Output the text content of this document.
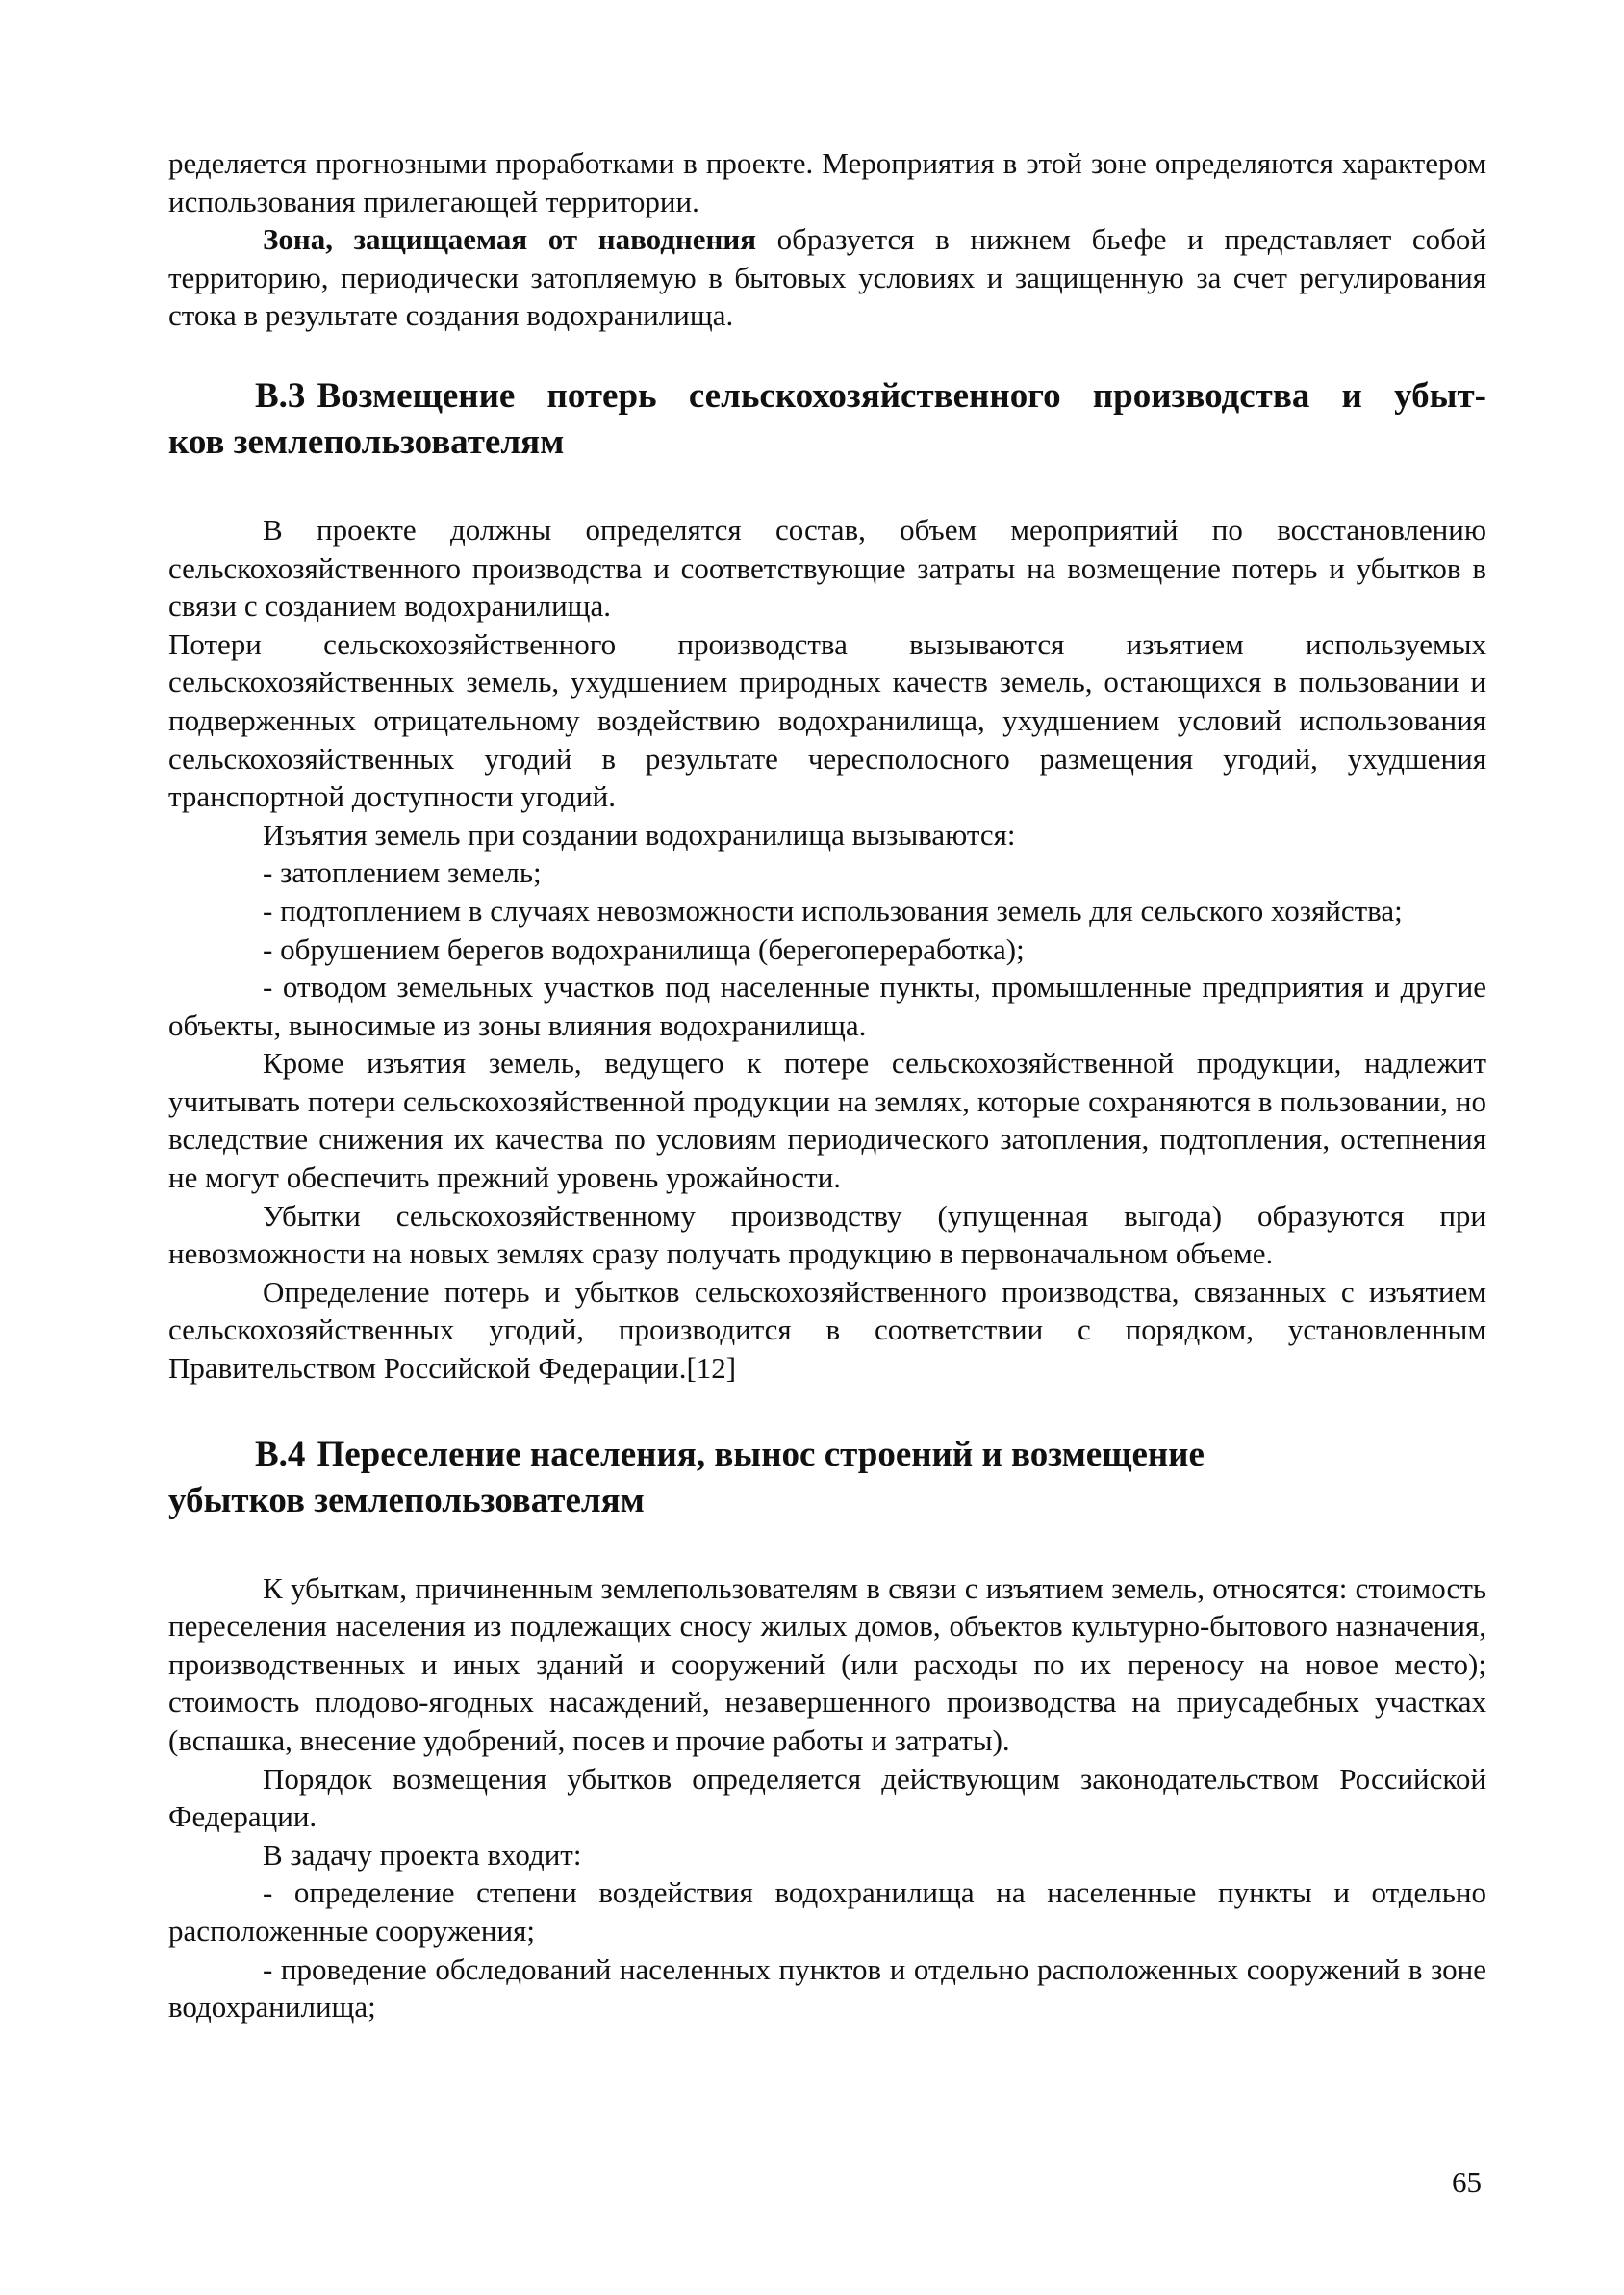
ределяется прогнозными проработками в проекте. Мероприятия в этой зоне определяются характером использования прилегающей территории.

Зона, защищаемая от наводнения образуется в нижнем бьефе и представляет собой территорию, периодически затопляемую в бытовых условиях и защищенную за счет регулирования стока в результате создания водохранилища.

В.3 Возмещение потерь сельскохозяйственного производства и убыт-
ков землепользователям

В проекте должны определятся состав, объем мероприятий по восстановлению сельскохозяйственного производства и соответствующие затраты на возмещение потерь и убытков в связи с созданием водохранилища.

Потери сельскохозяйственного производства вызываются изъятием используемых сельскохозяйственных земель, ухудшением природных качеств земель, остающихся в пользовании и подверженных отрицательному воздействию водохранилища, ухудшением условий использования сельскохозяйственных угодий в результате чересполосного размещения угодий, ухудшения транспортной доступности угодий.

Изъятия земель при создании водохранилища вызываются:

- затоплением земель;

- подтоплением в случаях невозможности использования земель для сельского хозяйства;

- обрушением берегов водохранилища (берегопереработка);

- отводом земельных участков под населенные пункты, промышленные предприятия и другие объекты, выносимые из зоны влияния водохранилища.

Кроме изъятия земель, ведущего к потере сельскохозяйственной продукции, надлежит учитывать потери сельскохозяйственной продукции на землях, которые сохраняются в пользовании, но вследствие снижения их качества по условиям периодического затопления, подтопления, остепнения не могут обеспечить прежний уровень урожайности.

Убытки сельскохозяйственному производству (упущенная выгода) образуются при невозможности на новых землях сразу получать продукцию в первоначальном объеме.

Определение потерь и убытков сельскохозяйственного производства, связанных с изъятием сельскохозяйственных угодий, производится в соответствии с порядком, установленным Правительством Российской Федерации.[12]

В.4 Переселение населения, вынос строений и возмещение
убытков землепользователям

К убыткам, причиненным землепользователям в связи с изъятием земель, относятся: стоимость переселения населения из подлежащих сносу жилых домов, объектов культурно-бытового назначения, производственных и иных зданий и сооружений (или расходы по их переносу на новое место); стоимость плодово-ягодных насаждений, незавершенного производства на приусадебных участках (вспашка, внесение удобрений, посев и прочие работы и затраты).

Порядок возмещения убытков определяется действующим законодательством Российской Федерации.

В задачу проекта входит:

- определение степени воздействия водохранилища на населенные пункты и отдельно расположенные сооружения;

- проведение обследований населенных пунктов и отдельно расположенных сооружений в зоне водохранилища;

65
